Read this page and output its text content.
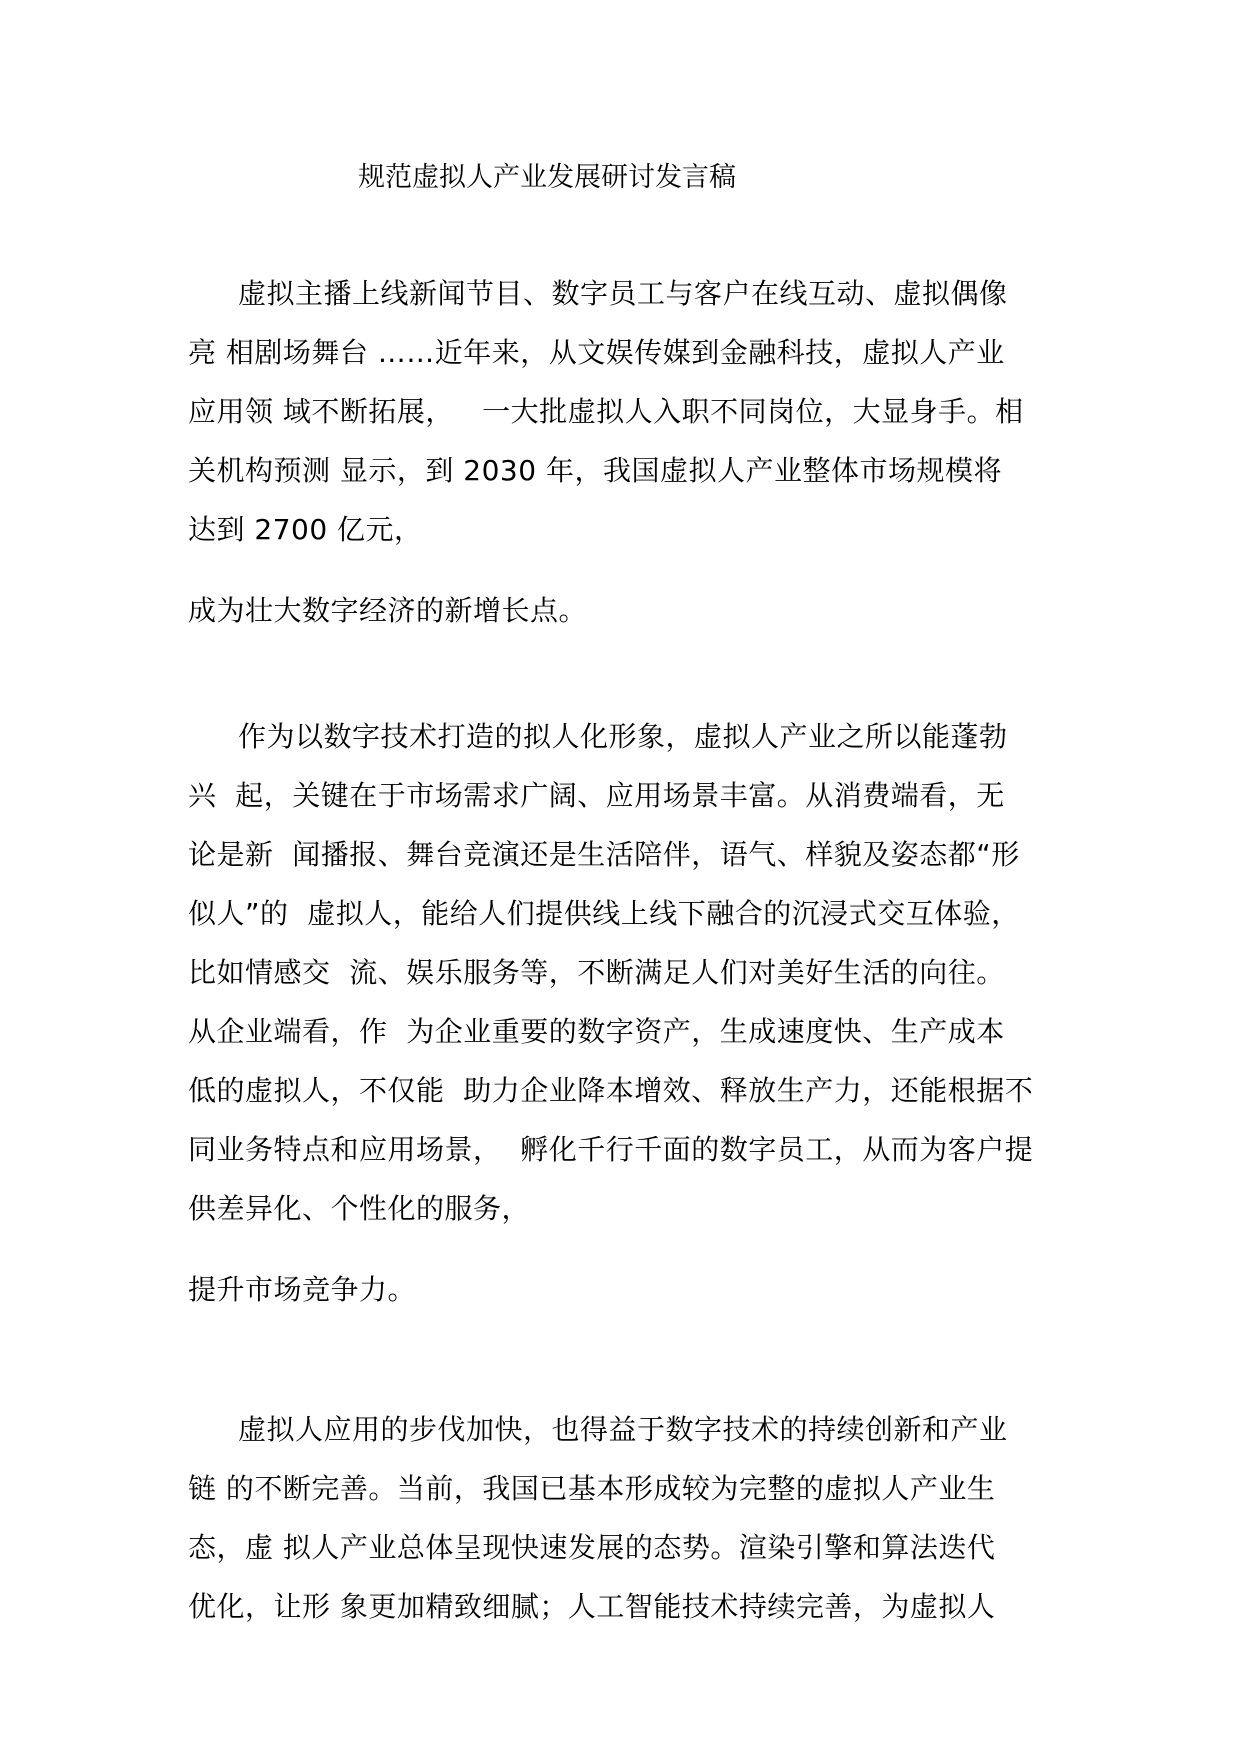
规范虚拟人产业发展研讨发言稿
虚拟主播上线新闻节目、数字员工与客户在线互动、虚拟偶像
亮 相剧场舞台 ……近年来，从文娱传媒到金融科技，虚拟人产业
应用领 域不断拓展，   一大批虚拟人入职不同岗位，大显身手。相
关机构预测 显示，到 2030 年，我国虚拟人产业整体市场规模将
达到 2700 亿元，
成为壮大数字经济的新增长点。
作为以数字技术打造的拟人化形象，虚拟人产业之所以能蓬勃
兴  起，关键在于市场需求广阔、应用场景丰富。从消费端看，无
论是新  闻播报、舞台竞演还是生活陪伴，语气、样貌及姿态都“形
似人”的  虚拟人，能给人们提供线上线下融合的沉浸式交互体验，
比如情感交  流、娱乐服务等，不断满足人们对美好生活的向往。
从企业端看，作  为企业重要的数字资产，生成速度快、生产成本
低的虚拟人，不仅能  助力企业降本增效、释放生产力，还能根据不
同业务特点和应用场景，  孵化千行千面的数字员工，从而为客户提
供差异化、个性化的服务，
提升市场竞争力。
虚拟人应用的步伐加快，也得益于数字技术的持续创新和产业
链 的不断完善。当前，我国已基本形成较为完整的虚拟人产业生
态，虚 拟人产业总体呈现快速发展的态势。渲染引擎和算法迭代
优化，让形 象更加精致细腻；人工智能技术持续完善，为虚拟人
